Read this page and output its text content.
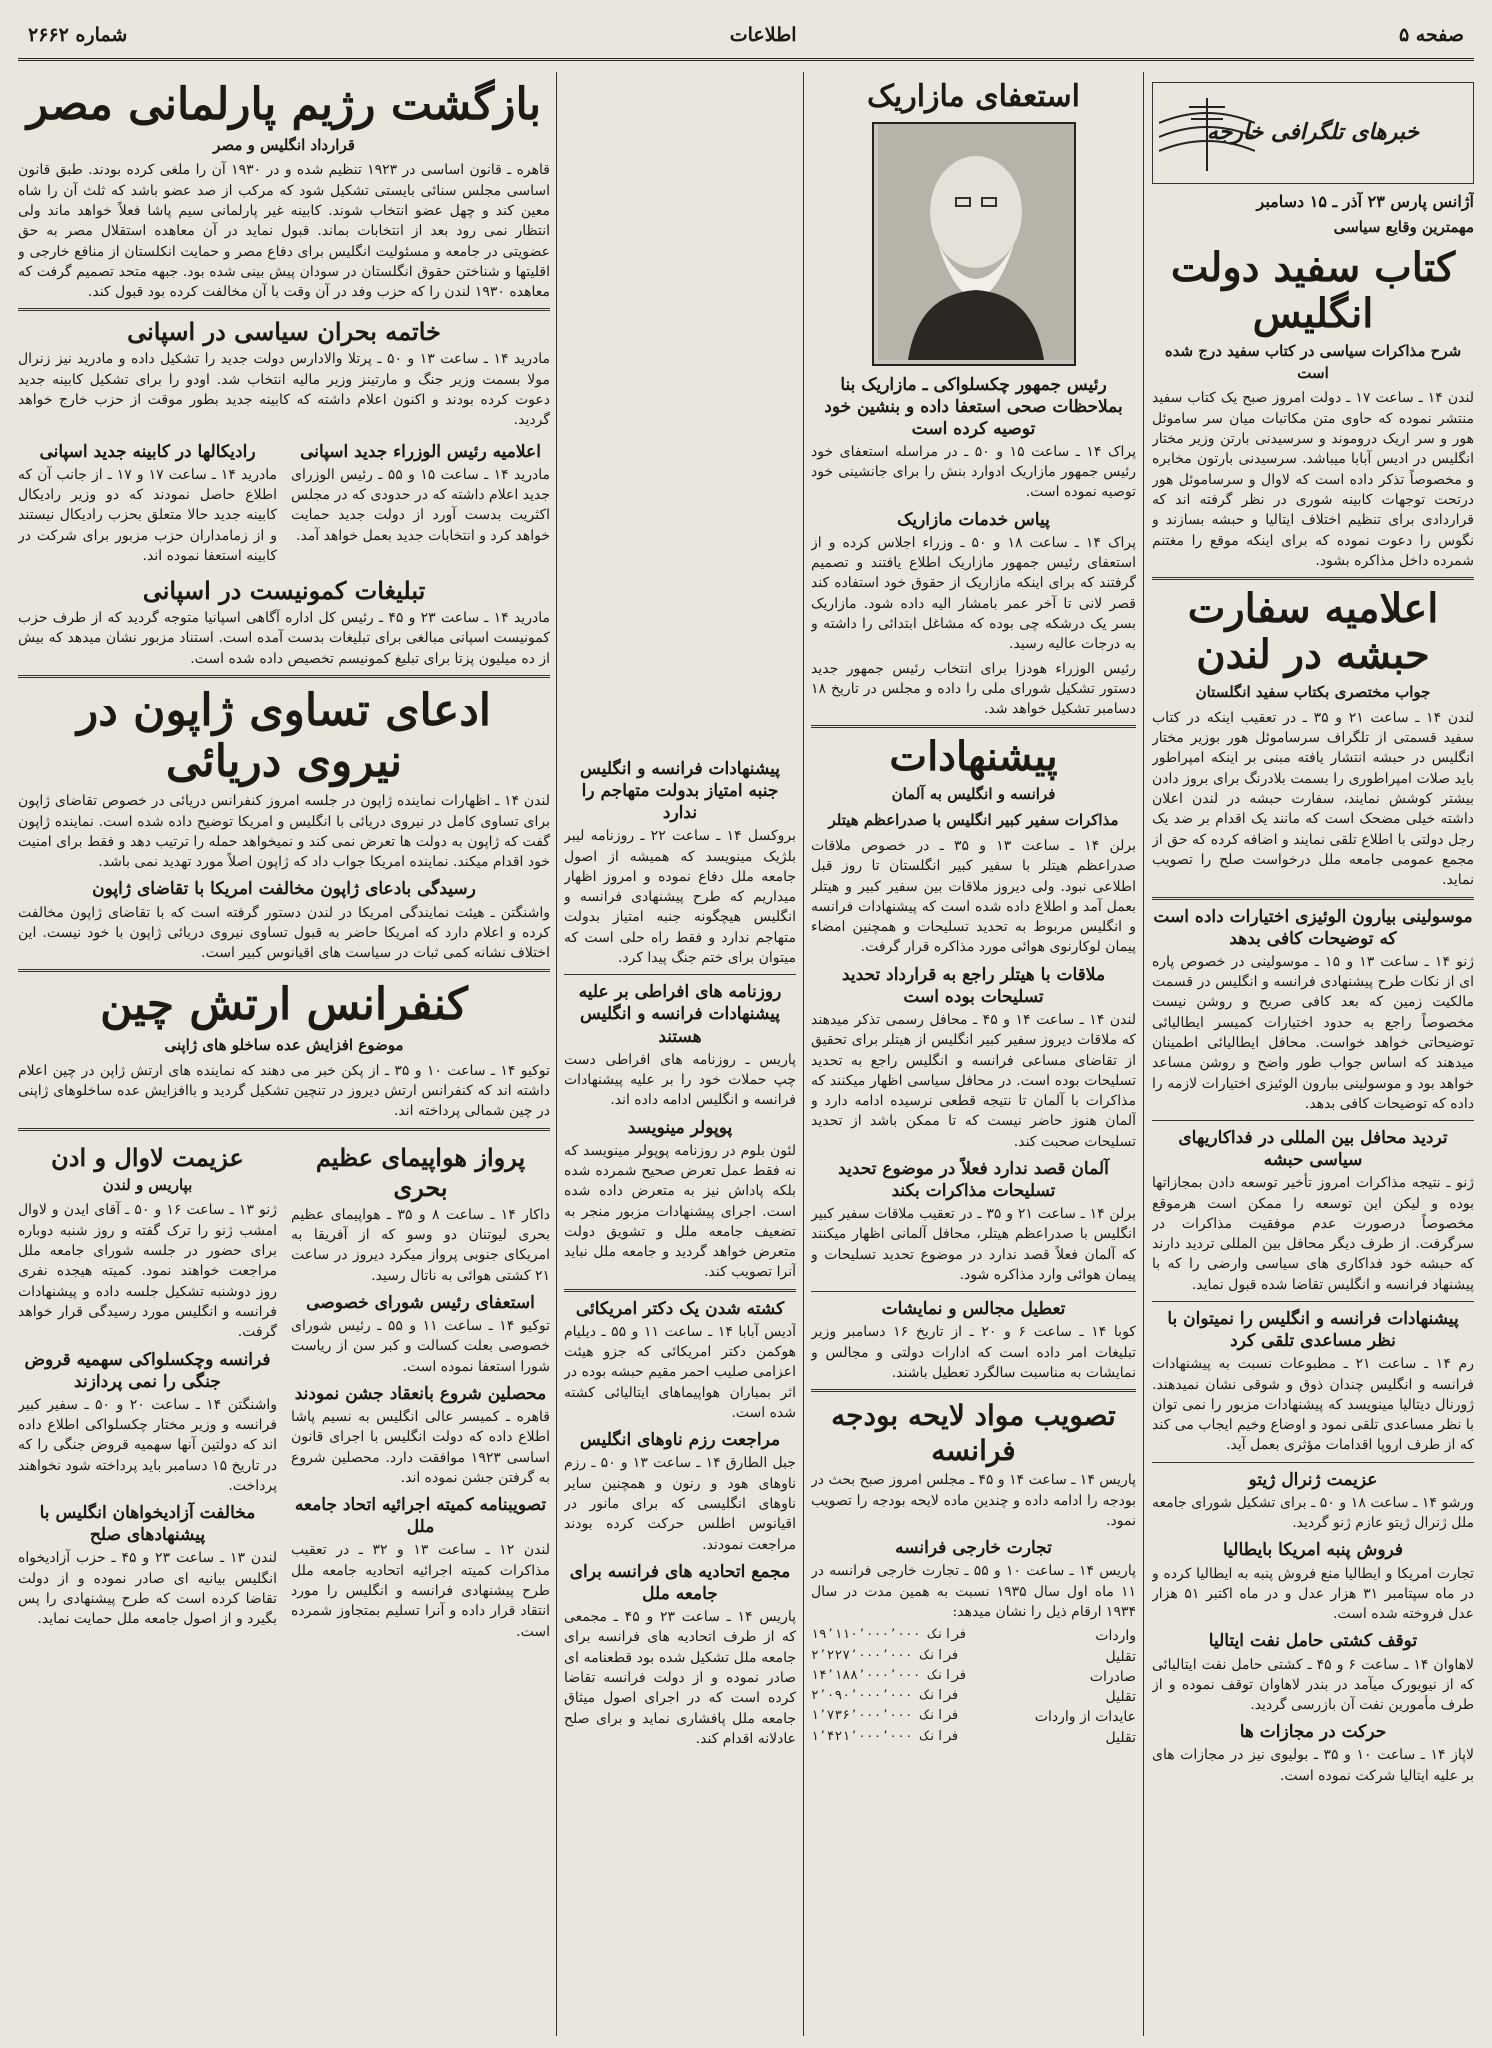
صفحه ۵
اطلاعات
شماره ۲۶۶۲
خبرهای تلگرافی خارجه
آژانس پارس ۲۳ آذر ـ ۱۵ دسامبر
مهمترین وقایع سیاسی
کتاب سفید دولت انگلیس
شرح مذاکرات سیاسی در کتاب سفید درج شده است

لندن ۱۴ ـ ساعت ۱۷ ـ دولت امروز صبح یک کتاب سفید منتشر نموده که حاوی متن مکاتبات میان سر ساموئل هور و سر اریک دروموند و سرسیدنی بارتن وزیر مختار انگلیس در ادیس آبابا میباشد. سرسیدنی بارتون مخابره و مخصوصاً تذکر داده است که لاوال و سرساموئل هور درتحت توجهات کابینه شوری در نظر گرفته اند که قراردادی برای تنظیم اختلاف ایتالیا و حبشه بسازند و نگوس را دعوت نموده که برای اینکه موقع را مغتنم شمرده داخل مذاکره بشود.

اعلامیه سفارت حبشه در لندن
جواب مختصری بکتاب سفید انگلستان

لندن ۱۴ ـ ساعت ۲۱ و ۳۵ ـ در تعقیب اینکه در کتاب سفید قسمتی از تلگراف سرساموئل هور بوزیر مختار انگلیس در حبشه انتشار یافته مبنی بر اینکه امپراطور باید صلات امپراطوری را بسمت بلادرنگ برای بروز دادن بیشتر کوشش نمایند، سفارت حبشه در لندن اعلان داشته خیلی مضحک است که مانند یک اقدام بر ضد یک رجل دولتی با اطلاع تلقی نمایند و اضافه کرده که حق از مجمع عمومی جامعه ملل درخواست صلح را تصویب نماید.

موسولینی بیارون الوئیزی اختیارات داده است که توضیحات کافی بدهد

ژنو ۱۴ ـ ساعت ۱۳ و ۱۵ ـ موسولینی در خصوص پاره ای از نکات طرح پیشنهادی فرانسه و انگلیس در قسمت مالکیت زمین که بعد کافی صریح و روشن نیست مخصوصاً راجع به حدود اختیارات کمیسر ایطالیائی توضیحاتی خواهد خواست. محافل ایطالیائی اطمینان میدهند که اساس جواب طور واضح و روشن مساعد خواهد بود و موسولینی ببارون الوئیزی اختیارات لازمه را داده که توضیحات کافی بدهد.

تردید محافل بین المللی در فداکاریهای سیاسی حبشه

ژنو ـ نتیجه مذاکرات امروز تأخیر توسعه دادن بمجازاتها بوده و لیکن این توسعه را ممکن است هرموقع مخصوصاً درصورت عدم موفقیت مذاکرات در سرگرفت. از طرف دیگر محافل بین المللی تردید دارند که حبشه خود فداکاری های سیاسی وارضی را که با پیشنهاد فرانسه و انگلیس تقاضا شده قبول نماید.

پیشنهادات فرانسه و انگلیس را نمیتوان با نظر مساعدی تلقی کرد

رم ۱۴ ـ ساعت ۲۱ ـ مطبوعات نسبت به پیشنهادات فرانسه و انگلیس چندان ذوق و شوقی نشان نمیدهند. ژورنال دیتالیا مینویسد که پیشنهادات مزبور را نمی توان با نظر مساعدی تلقی نمود و اوضاع وخیم ایجاب می کند که از طرف اروپا اقدامات مؤثری بعمل آید.

عزیمت ژنرال ژیتو

ورشو ۱۴ ـ ساعت ۱۸ و ۵۰ ـ برای تشکیل شورای جامعه ملل ژنرال ژیتو عازم ژنو گردید.

فروش پنبه امریکا بایطالیا

تجارت امریکا و ایطالیا منع فروش پنبه به ایطالیا کرده و در ماه سپتامبر ۳۱ هزار عدل و در ماه اکتبر ۵۱ هزار عدل فروخته شده است.

توقف کشتی حامل نفت ایتالیا

لاهاوان ۱۴ ـ ساعت ۶ و ۴۵ ـ کشتی حامل نفت ایتالیائی که از نیویورک میآمد در بندر لاهاوان توقف نموده و از طرف مأمورین نفت آن بازرسی گردید.

حرکت در مجازات ها

لاپاز ۱۴ ـ ساعت ۱۰ و ۳۵ ـ بولیوی نیز در مجازات های بر علیه ایتالیا شرکت نموده است.

استعفای مازاریک
رئیس جمهور چکسلواکی ـ مازاریک بنا بملاحظات صحی استعفا داده و بنشین خود توصیه کرده است

پراک ۱۴ ـ ساعت ۱۵ و ۵۰ ـ در مراسله استعفای خود رئیس جمهور مازاریک ادوارد بنش را برای جانشینی خود توصیه نموده است.

پیاس خدمات مازاریک

پراک ۱۴ ـ ساعت ۱۸ و ۵۰ ـ وزراء اجلاس کرده و از استعفای رئیس جمهور مازاریک اطلاع یافتند و تصمیم گرفتند که برای اینکه مازاریک از حقوق خود استفاده کند قصر لانی تا آخر عمر بامشار الیه داده شود. مازاریک بسر یک درشکه چی بوده که مشاغل ابتدائی را داشته و به درجات عالیه رسید.

رئیس الوزراء هودزا برای انتخاب رئیس جمهور جدید دستور تشکیل شورای ملی را داده و مجلس در تاریخ ۱۸ دسامبر تشکیل خواهد شد.

پیشنهادات
فرانسه و انگلیس به آلمان
مذاکرات سفیر کبیر انگلیس با صدراعظم هیتلر

برلن ۱۴ ـ ساعت ۱۳ و ۳۵ ـ در خصوص ملاقات صدراعظم هیتلر با سفیر کبیر انگلستان تا روز قبل اطلاعی نبود. ولی دیروز ملاقات بین سفیر کبیر و هیتلر بعمل آمد و اطلاع داده شده است که پیشنهادات فرانسه و انگلیس مربوط به تحدید تسلیحات و همچنین امضاء پیمان لوکارنوی هوائی مورد مذاکره قرار گرفت.

ملاقات با هیتلر راجع به قرارداد تحدید تسلیحات بوده است

لندن ۱۴ ـ ساعت ۱۴ و ۴۵ ـ محافل رسمی تذکر میدهند که ملاقات دیروز سفیر کبیر انگلیس از هیتلر برای تحقیق از تقاضای مساعی فرانسه و انگلیس راجع به تحدید تسلیحات بوده است. در محافل سیاسی اظهار میکنند که مذاکرات با آلمان تا نتیجه قطعی نرسیده ادامه دارد و آلمان هنوز حاضر نیست که تا ممکن باشد از تحدید تسلیحات صحبت کند.

آلمان قصد ندارد فعلاً در موضوع تحدید تسلیحات مذاکرات بکند

برلن ۱۴ ـ ساعت ۲۱ و ۳۵ ـ در تعقیب ملاقات سفیر کبیر انگلیس با صدراعظم هیتلر، محافل آلمانی اظهار میکنند که آلمان فعلاً قصد ندارد در موضوع تحدید تسلیحات و پیمان هوائی وارد مذاکره شود.

تعطیل مجالس و نمایشات

کوبا ۱۴ ـ ساعت ۶ و ۲۰ ـ از تاریخ ۱۶ دسامبر وزیر تبلیغات امر داده است که ادارات دولتی و مجالس و نمایشات به مناسبت سالگرد تعطیل باشند.

تصویب مواد لایحه بودجه فرانسه

پاریس ۱۴ ـ ساعت ۱۴ و ۴۵ ـ مجلس امروز صبح بحث در بودجه را ادامه داده و چندین ماده لایحه بودجه را تصویب نمود.

تجارت خارجی فرانسه

پاریس ۱۴ ـ ساعت ۱۰ و ۵۵ ـ تجارت خارجی فرانسه در ۱۱ ماه اول سال ۱۹۳۵ نسبت به همین مدت در سال ۱۹۳۴ ارقام ذیل را نشان میدهد:

واردات
۱۹٬۱۱۰٬۰۰۰٬۰۰۰ فرانک
تقلیل
۲٬۲۲۷٬۰۰۰٬۰۰۰ فرانک
صادرات
۱۴٬۱۸۸٬۰۰۰٬۰۰۰ فرانک
تقلیل
۲٬۰۹۰٬۰۰۰٬۰۰۰ فرانک
عایدات از واردات
۱٬۷۳۶٬۰۰۰٬۰۰۰ فرانک
تقلیل
۱٬۴۲۱٬۰۰۰٬۰۰۰ فرانک
پیشنهادات فرانسه و انگلیس جنبه امتیاز بدولت متهاجم را ندارد

بروکسل ۱۴ ـ ساعت ۲۲ ـ روزنامه لیبر بلژیک مینویسد که همیشه از اصول جامعه ملل دفاع نموده و امروز اظهار میداریم که طرح پیشنهادی فرانسه و انگلیس هیچگونه جنبه امتیاز بدولت متهاجم ندارد و فقط راه حلی است که میتوان برای ختم جنگ پیدا کرد.

روزنامه های افراطی بر علیه پیشنهادات فرانسه و انگلیس هستند

پاریس ـ روزنامه های افراطی دست چپ حملات خود را بر علیه پیشنهادات فرانسه و انگلیس ادامه داده اند.

پوپولر مینویسد

لئون بلوم در روزنامه پوپولر مینویسد که نه فقط عمل تعرض صحیح شمرده شده بلکه پاداش نیز به متعرض داده شده است. اجرای پیشنهادات مزبور منجر به تضعیف جامعه ملل و تشویق دولت متعرض خواهد گردید و جامعه ملل نباید آنرا تصویب کند.

کشته شدن یک دکتر امریکائی

آدیس آبابا ۱۴ ـ ساعت ۱۱ و ۵۵ ـ دیلیام هوکمن دکتر امریکائی که جزو هیئت اعزامی صلیب احمر مقیم حبشه بوده در اثر بمباران هواپیماهای ایتالیائی کشته شده است.

مراجعت رزم ناوهای انگلیس

جبل الطارق ۱۴ ـ ساعت ۱۳ و ۵۰ ـ رزم ناوهای هود و رنون و همچنین سایر ناوهای انگلیسی که برای مانور در اقیانوس اطلس حرکت کرده بودند مراجعت نمودند.

مجمع اتحادیه های فرانسه برای جامعه ملل

پاریس ۱۴ ـ ساعت ۲۳ و ۴۵ ـ مجمعی که از طرف اتحادیه های فرانسه برای جامعه ملل تشکیل شده بود قطعنامه ای صادر نموده و از دولت فرانسه تقاضا کرده است که در اجرای اصول میثاق جامعه ملل پافشاری نماید و برای صلح عادلانه اقدام کند.

بازگشت رژیم پارلمانی مصر
قرارداد انگلیس و مصر

قاهره ـ قانون اساسی در ۱۹۲۳ تنظیم شده و در ۱۹۳۰ آن را ملغی کرده بودند. طبق قانون اساسی مجلس سنائی بایستی تشکیل شود که مرکب از صد عضو باشد که ثلث آن را شاه معین کند و چهل عضو انتخاب شوند. کابینه غیر پارلمانی سیم پاشا فعلاً خواهد ماند ولی انتظار نمی رود بعد از انتخابات بماند. قبول نماید در آن معاهده استقلال مصر به حق عضویتی در جامعه و مسئولیت انگلیس برای دفاع مصر و حمایت انکلستان از منافع خارجی و اقلیتها و شناختن حقوق انگلستان در سودان پیش بینی شده بود. جبهه متحد تصمیم گرفت که معاهده ۱۹۳۰ لندن را که حزب وفد در آن وقت با آن مخالفت کرده بود قبول کند.

خاتمه بحران سیاسی در اسپانی

مادرید ۱۴ ـ ساعت ۱۳ و ۵۰ ـ پرتلا والادارس دولت جدید را تشکیل داده و مادرید نیز زنرال مولا بسمت وزیر جنگ و مارتینز وزیر مالیه انتخاب شد. اودو را برای تشکیل کابینه جدید دعوت کرده بودند و اکنون اعلام داشته که کابینه جدید بطور موقت از حزب خارج خواهد گردید.

اعلامیه رئیس الوزراء جدید اسپانی

مادرید ۱۴ ـ ساعت ۱۵ و ۵۵ ـ رئیس الوزرای جدید اعلام داشته که در حدودی که در مجلس اکثریت بدست آورد از دولت جدید حمایت خواهد کرد و انتخابات جدید بعمل خواهد آمد.

رادیکالها در کابینه جدید اسپانی

مادرید ۱۴ ـ ساعت ۱۷ و ۱۷ ـ از جانب آن که اطلاع حاصل نمودند که دو وزیر رادیکال کابینه جدید حالا متعلق بحزب رادیکال نیستند و از زمامداران حزب مزبور برای شرکت در کابینه استعفا نموده اند.

تبلیغات کمونیست در اسپانی

مادرید ۱۴ ـ ساعت ۲۳ و ۴۵ ـ رئیس کل اداره آگاهی اسپانیا متوجه گردید که از طرف حزب کمونیست اسپانی مبالغی برای تبلیغات بدست آمده است. استناد مزبور نشان میدهد که بیش از ده میلیون پزتا برای تبلیغ کمونیسم تخصیص داده شده است.

ادعای تساوی ژاپون در نیروی دریائی

لندن ۱۴ ـ اظهارات نماینده ژاپون در جلسه امروز کنفرانس دریائی در خصوص تقاضای ژاپون برای تساوی کامل در نیروی دریائی با انگلیس و امریکا توضیح داده شده است. نماینده ژاپون گفت که ژاپون به دولت ها تعرض نمی کند و نمیخواهد حمله را ترتیب دهد و فقط برای امنیت خود اقدام میکند. نماینده امریکا جواب داد که ژاپون اصلاً مورد تهدید نمی باشد.

رسیدگی بادعای ژاپون مخالفت امریکا با تقاضای ژاپون

واشنگتن ـ هیئت نمایندگی امریکا در لندن دستور گرفته است که با تقاضای ژاپون مخالفت کرده و اعلام دارد که امریکا حاضر به قبول تساوی نیروی دریائی ژاپون با خود نیست. این اختلاف نشانه کمی ثبات در سیاست های اقیانوس کبیر است.

کنفرانس ارتش چین
موضوع افزایش عده ساخلو های ژاپنی

توکیو ۱۴ ـ ساعت ۱۰ و ۳۵ ـ از پکن خبر می دهند که نماینده های ارتش ژاپن در چین اعلام داشته اند که کنفرانس ارتش دیروز در تنچین تشکیل گردید و باافزایش عده ساخلوهای ژاپنی در چین شمالی پرداخته اند.

پرواز هواپیمای عظیم بحری

داکار ۱۴ ـ ساعت ۸ و ۳۵ ـ هواپیمای عظیم بحری لیوتنان دو وسو که از آفریقا به امریکای جنوبی پرواز میکرد دیروز در ساعت ۲۱ کشتی هوائی به ناتال رسید.

استعفای رئیس شورای خصوصی

توکیو ۱۴ ـ ساعت ۱۱ و ۵۵ ـ رئیس شورای خصوصی بعلت کسالت و کبر سن از ریاست شورا استعفا نموده است.

محصلین شروع بانعقاد جشن نمودند

قاهره ـ کمیسر عالی انگلیس به نسیم پاشا اطلاع داده که دولت انگلیس با اجرای قانون اساسی ۱۹۲۳ موافقت دارد. محصلین شروع به گرفتن جشن نموده اند.

تصویبنامه کمیته اجرائیه اتحاد جامعه ملل

لندن ۱۲ ـ ساعت ۱۳ و ۳۲ ـ در تعقیب مذاکرات کمیته اجرائیه اتحادیه جامعه ملل طرح پیشنهادی فرانسه و انگلیس را مورد انتقاد قرار داده و آنرا تسلیم بمتجاوز شمرده است.

عزیمت لاوال و ادن
بپاریس و لندن

ژنو ۱۳ ـ ساعت ۱۶ و ۵۰ ـ آقای ایدن و لاوال امشب ژنو را ترک گفته و روز شنبه دوباره برای حضور در جلسه شورای جامعه ملل مراجعت خواهند نمود. کمیته هیجده نفری روز دوشنبه تشکیل جلسه داده و پیشنهادات فرانسه و انگلیس مورد رسیدگی قرار خواهد گرفت.

فرانسه وچکسلواکی سهمیه قروض جنگی را نمی پردازند

واشنگتن ۱۴ ـ ساعت ۲۰ و ۵۰ ـ سفیر کبیر فرانسه و وزیر مختار چکسلواکی اطلاع داده اند که دولتین آنها سهمیه قروض جنگی را که در تاریخ ۱۵ دسامبر باید پرداخته شود نخواهند پرداخت.

مخالفت آزادیخواهان انگلیس با پیشنهادهای صلح

لندن ۱۳ ـ ساعت ۲۳ و ۴۵ ـ حزب آزادیخواه انگلیس بیانیه ای صادر نموده و از دولت تقاضا کرده است که طرح پیشنهادی را پس بگیرد و از اصول جامعه ملل حمایت نماید.
